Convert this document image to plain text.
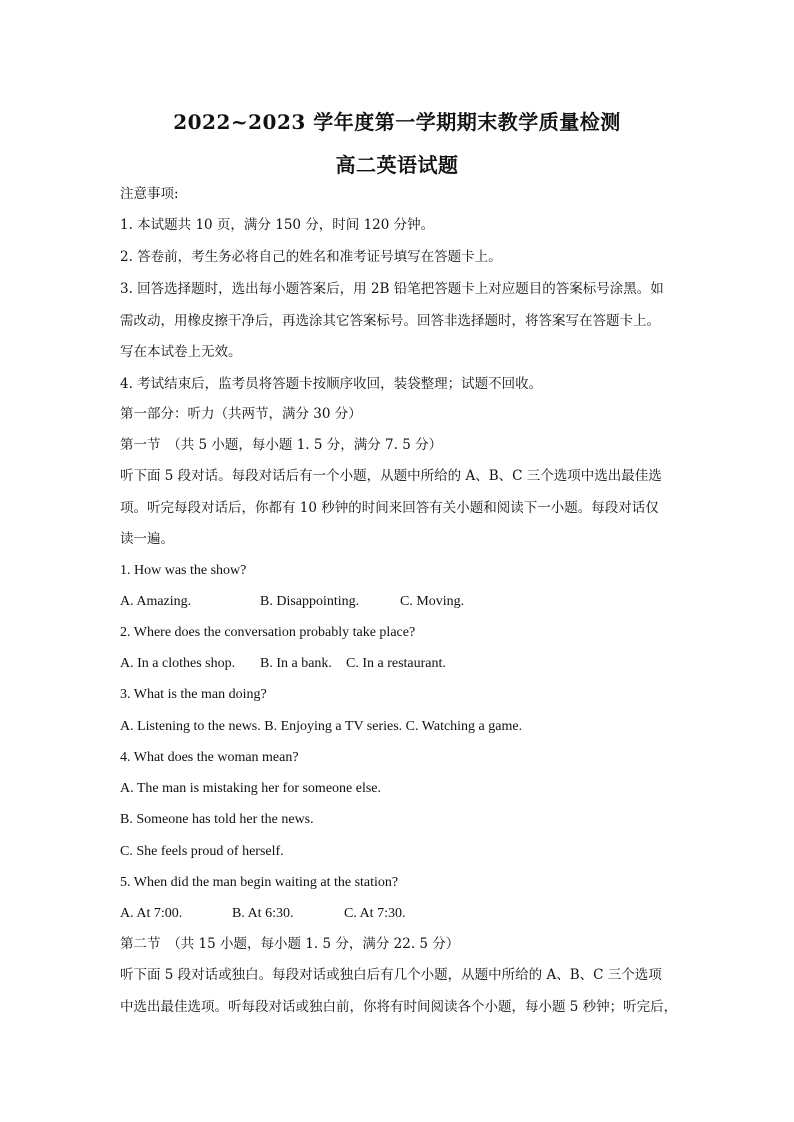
2022~2023 学年度第一学期期末教学质量检测
高二英语试题
注意事项:
1. 本试题共 10 页，满分 150 分，时间 120 分钟。
2. 答卷前，考生务必将自己的姓名和准考证号填写在答题卡上。
3. 回答选择题时，选出每小题答案后，用 2B 铅笔把答题卡上对应题目的答案标号涂黑。如
需改动，用橡皮擦干净后，再选涂其它答案标号。回答非选择题时，将答案写在答题卡上。
写在本试卷上无效。
4. 考试结束后，监考员将答题卡按顺序收回，装袋整理；试题不回收。
第一部分：听力（共两节，满分 30 分）
第一节　（共 5 小题，每小题 1. 5 分，满分 7. 5 分）
听下面 5 段对话。每段对话后有一个小题，从题中所给的 A、B、C 三个选项中选出最佳选
项。听完每段对话后，你都有 10 秒钟的时间来回答有关小题和阅读下一小题。每段对话仅
读一遍。
1. How was the show?
A. Amazing.	B. Disappointing.	C. Moving.
2. Where does the conversation probably take place?
A. In a clothes shop. B. In a bank. C. In a restaurant.
3. What is the man doing?
A. Listening to the news. B. Enjoying a TV series. C. Watching a game.
4. What does the woman mean?
A. The man is mistaking her for someone else.
B. Someone has told her the news.
C. She feels proud of herself.
5. When did the man begin waiting at the station?
A. At 7:00.	B. At 6:30.	C. At 7:30.
第二节　（共 15 小题，每小题 1. 5 分，满分 22. 5 分）
听下面 5 段对话或独白。每段对话或独白后有几个小题，从题中所给的 A、B、C 三个选项
中选出最佳选项。听每段对话或独白前，你将有时间阅读各个小题，每小题 5 秒钟；听完后，
